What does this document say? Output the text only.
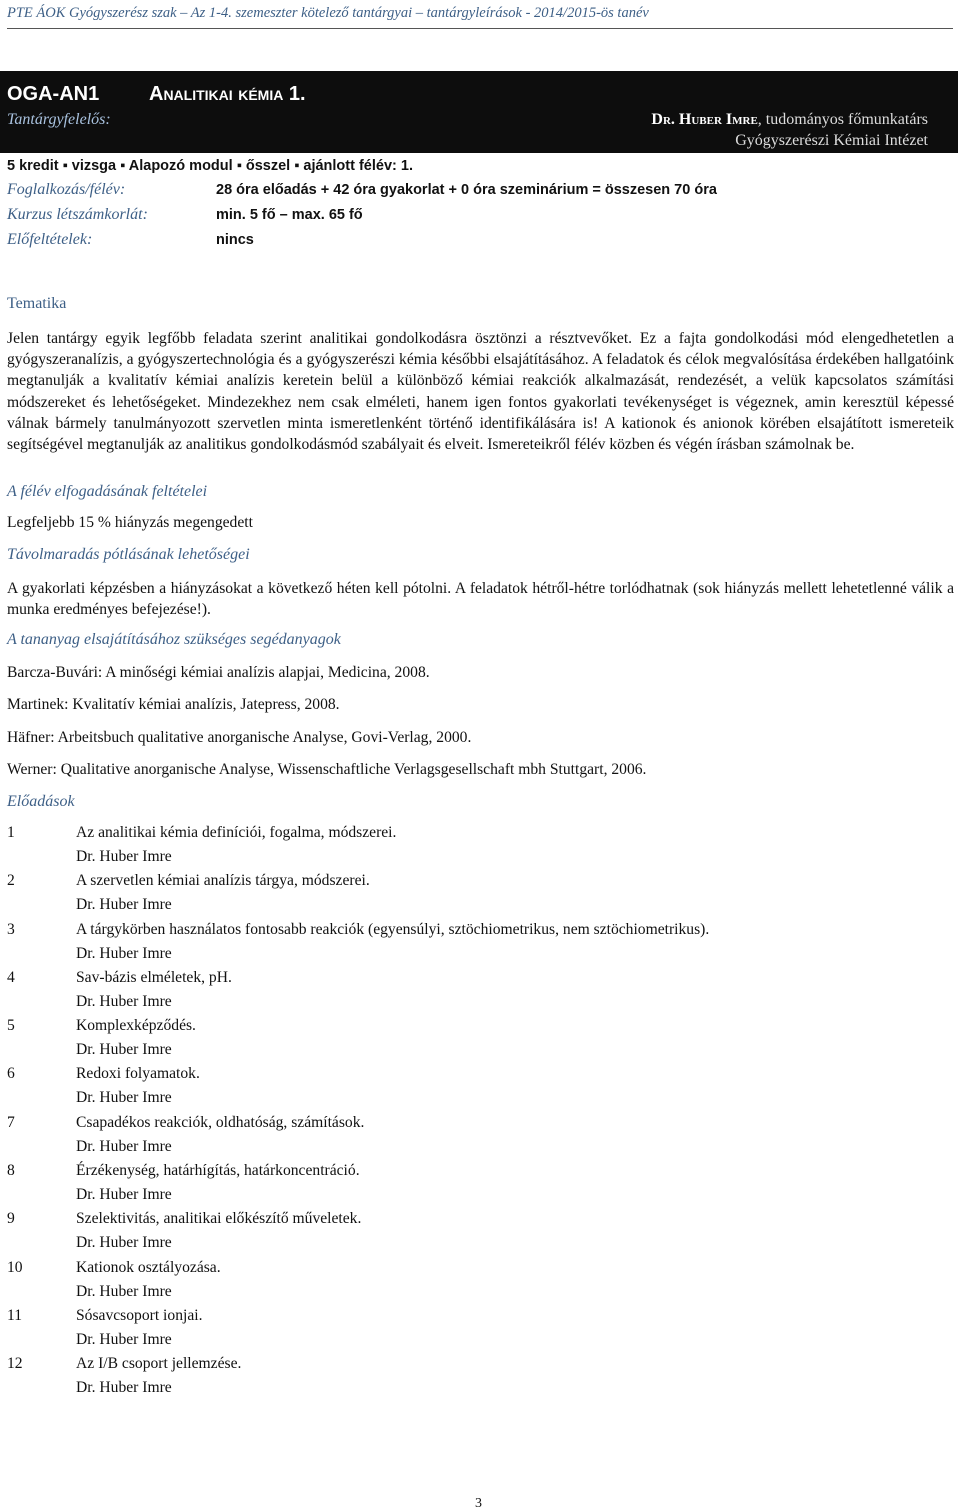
PTE ÁOK Gyógyszerész szak – Az 1-4. szemeszter kötelező tantárgyai – tantárgyleírások - 2014/2015-ös tanév
OGA-AN1 Analitikai kémia 1.
Tantárgyfelelős:	Dr. Huber Imre, tudományos főmunkatárs
Gyógyszerészi Kémiai Intézet
5 kredit ▪ vizsga ▪ Alapozó modul ▪ ősszel ▪ ajánlott félév: 1.
Foglalkozás/félév:	28 óra előadás + 42 óra gyakorlat + 0 óra szeminárium = összesen 70 óra
Kurzus létszámkorlát:	min. 5 fő – max. 65 fő
Előfeltételek:	nincs
Tematika
Jelen tantárgy egyik legfőbb feladata szerint analitikai gondolkodásra ösztönzi a résztvevőket. Ez a fajta gondolkodási mód elengedhetetlen a gyógyszeranalízis, a gyógyszertechnológia és a gyógyszerészi kémia későbbi elsajátításához. A feladatok és célok megvalósítása érdekében hallgatóink megtanulják a kvalitatív kémiai analízis keretein belül a különböző kémiai reakciók alkalmazását, rendezését, a velük kapcsolatos számítási módszereket és lehetőségeket. Mindezekhez nem csak elméleti, hanem igen fontos gyakorlati tevékenységet is végeznek, amin keresztül képessé válnak bármely tanulmányozott szervetlen minta ismeretlenként történő identifikálására is! A kationok és anionok körében elsajátított ismereteik segítségével megtanulják az analitikus gondolkodásmód szabályait és elveit. Ismereteikről félév közben és végén írásban számolnak be.
A félév elfogadásának feltételei
Legfeljebb 15 % hiányzás megengedett
Távolmaradás pótlásának lehetőségei
A gyakorlati képzésben a hiányzásokat a következő héten kell pótolni. A feladatok hétről-hétre torlódhatnak (sok hiányzás mellett lehetetlenné válik a munka eredményes befejezése!).
A tananyag elsajátításához szükséges segédanyagok
Barcza-Buvári: A minőségi kémiai analízis alapjai, Medicina, 2008.
Martinek: Kvalitatív kémiai analízis, Jatepress, 2008.
Häfner: Arbeitsbuch qualitative anorganische Analyse, Govi-Verlag, 2000.
Werner: Qualitative anorganische Analyse, Wissenschaftliche Verlagsgesellschaft mbh Stuttgart, 2006.
Előadások
1	Az analitikai kémia definíciói, fogalma, módszerei.
Dr. Huber Imre
2	A szervetlen kémiai analízis tárgya, módszerei.
Dr. Huber Imre
3	A tárgykörben használatos fontosabb reakciók (egyensúlyi, sztöchiometrikus, nem sztöchiometrikus).
Dr. Huber Imre
4	Sav-bázis elméletek, pH.
Dr. Huber Imre
5	Komplexképződés.
Dr. Huber Imre
6	Redoxi folyamatok.
Dr. Huber Imre
7	Csapadékos reakciók, oldhatóság, számítások.
Dr. Huber Imre
8	Érzékenység, határhígítás, határkoncentráció.
Dr. Huber Imre
9	Szelektivitás, analitikai előkészítő műveletek.
Dr. Huber Imre
10	Kationok osztályozása.
Dr. Huber Imre
11	Sósavcsoport ionjai.
Dr. Huber Imre
12	Az I/B csoport jellemzése.
Dr. Huber Imre
3
